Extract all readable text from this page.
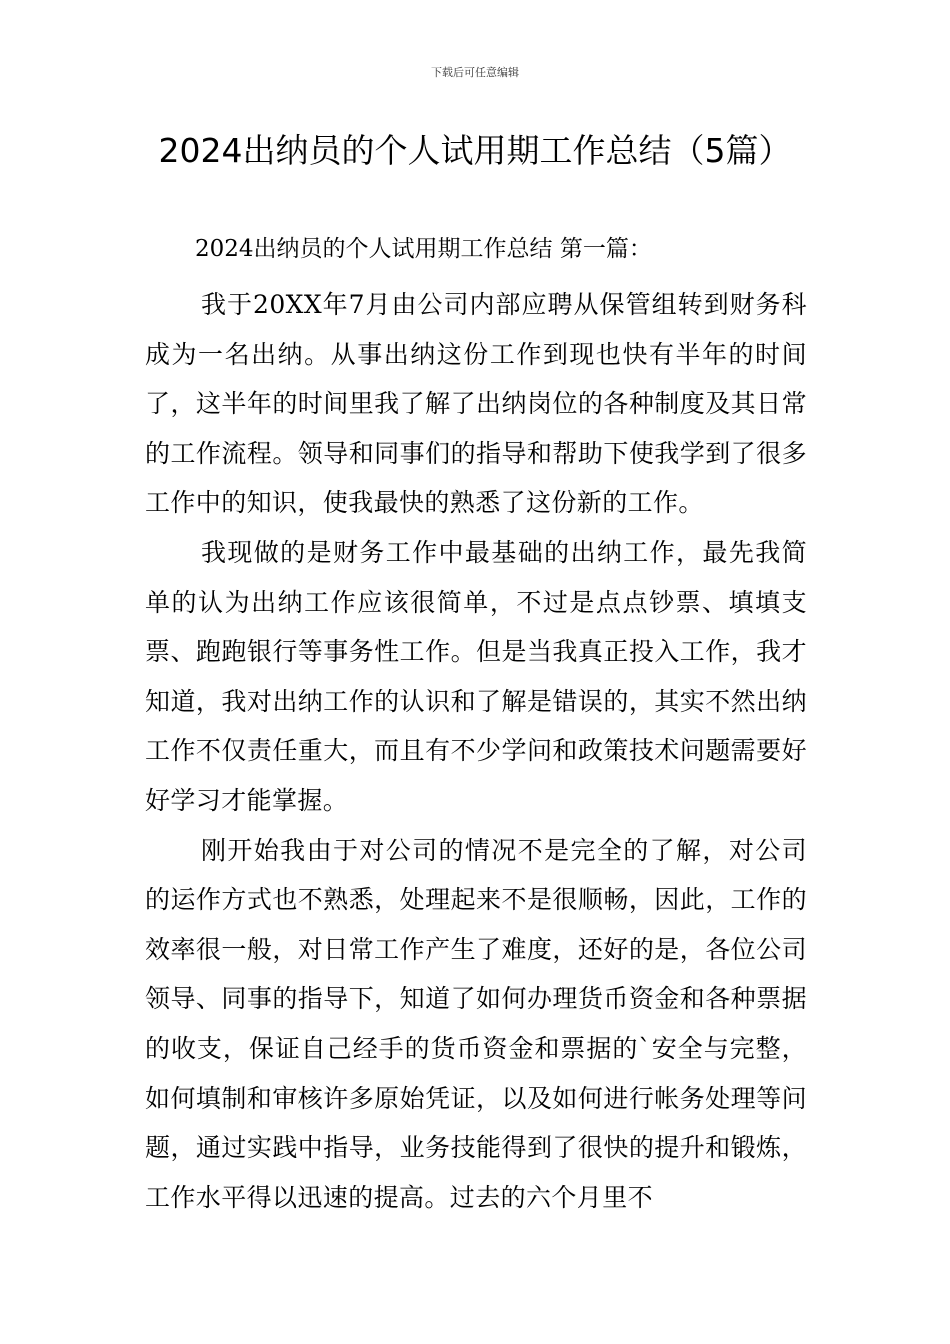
下载后可任意编辑
2024出纳员的个人试用期工作总结（5篇）
2024出纳员的个人试用期工作总结 第一篇：

我于20XX年7月由公司内部应聘从保管组转到财务科成为一名出纳。从事出纳这份工作到现也快有半年的时间了，这半年的时间里我了解了出纳岗位的各种制度及其日常的工作流程。领导和同事们的指导和帮助下使我学到了很多工作中的知识，使我最快的熟悉了这份新的工作。

我现做的是财务工作中最基础的出纳工作，最先我简单的认为出纳工作应该很简单，不过是点点钞票、填填支票、跑跑银行等事务性工作。但是当我真正投入工作，我才知道，我对出纳工作的认识和了解是错误的，其实不然出纳工作不仅责任重大，而且有不少学问和政策技术问题需要好好学习才能掌握。

刚开始我由于对公司的情况不是完全的了解，对公司的运作方式也不熟悉，处理起来不是很顺畅，因此，工作的效率很一般，对日常工作产生了难度，还好的是，各位公司领导、同事的指导下，知道了如何办理货币资金和各种票据的收支，保证自己经手的货币资金和票据的`安全与完整，如何填制和审核许多原始凭证，以及如何进行帐务处理等问题，通过实践中指导，业务技能得到了很快的提升和锻炼，工作水平得以迅速的提高。过去的六个月里不
